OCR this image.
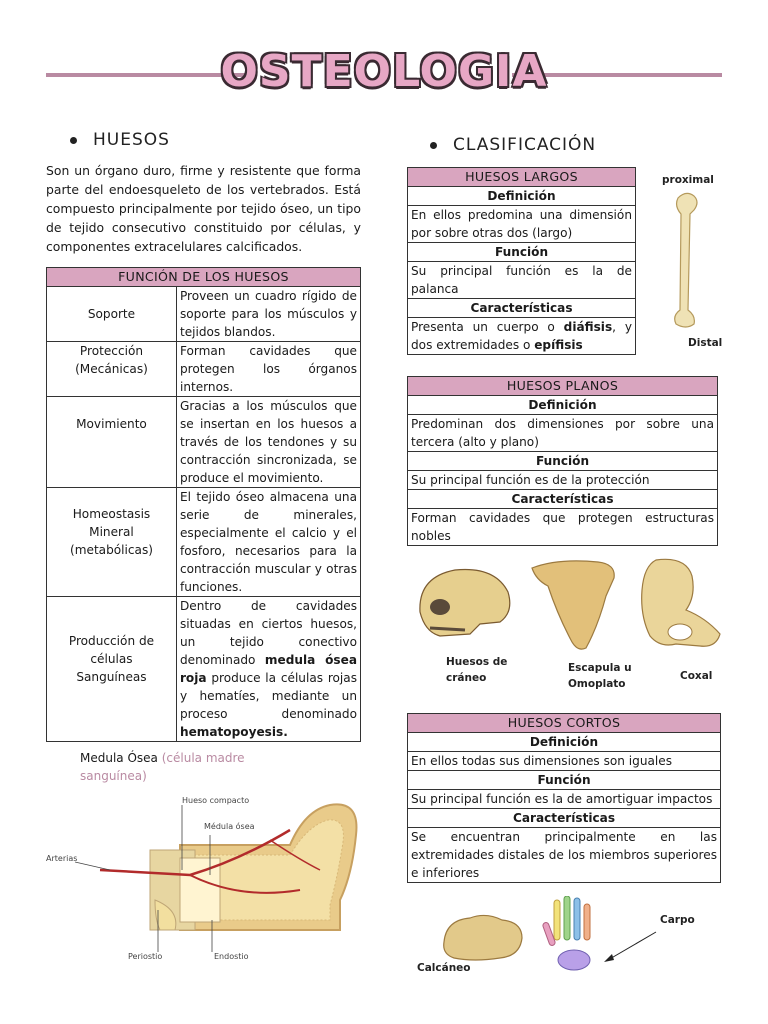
OSTEOLOGIA
HUESOS
Son un órgano duro, firme y resistente que forma parte del endoesqueleto de los vertebrados. Está compuesto principalmente por tejido óseo, un tipo de tejido consecutivo constituido por células, y componentes extracelulares calcificados.
FUNCIÓN DE LOS HUESOS	
Soporte	Proveen un cuadro rígido de soporte para los músculos y tejidos blandos.

Protección (Mecánicas)	Forman cavidades que protegen los órganos internos.
Movimiento	Gracias a los músculos que se insertan en los huesos a través de los tendones y su contracción sincronizada, se produce el movimiento.

Homeostasis Mineral (metabólicas)	El tejido óseo almacena una serie de minerales, especialmente el calcio y el fosforo, necesarios para la contracción muscular y otras funciones.

Producción de células Sanguíneas	Dentro de cavidades situadas en ciertos huesos, un tejido conectivo denominado medula ósea roja produce la células rojas y hematíes, mediante un proceso denominado hematopoyesis.
Medula Ósea (célula madre sanguínea)
Hueso compacto
Médula ósea
Arterias
Periostio	Endostio
CLASIFICACIÓN
HUESOS LARGOS
Definición
En ellos predomina una dimensión por sobre otras dos (largo)
Función
Su principal función es la de palanca
Características
Presenta un cuerpo o diáfisis, y dos extremidades o epífisis
proximal
Distal
HUESOS PLANOS
Definición
Predominan dos dimensiones por sobre una tercera (alto y plano)
Función
Su principal función es de la protección
Características
Forman cavidades que protegen estructuras nobles
Huesos de cráneo
Escapula u Omoplato
Coxal
HUESOS CORTOS
Definición
En ellos todas sus dimensiones son iguales
Función
Su principal función es la de amortiguar impactos
Características
Se encuentran principalmente en las extremidades distales de los miembros superiores e inferiores
Calcáneo
Carpo
